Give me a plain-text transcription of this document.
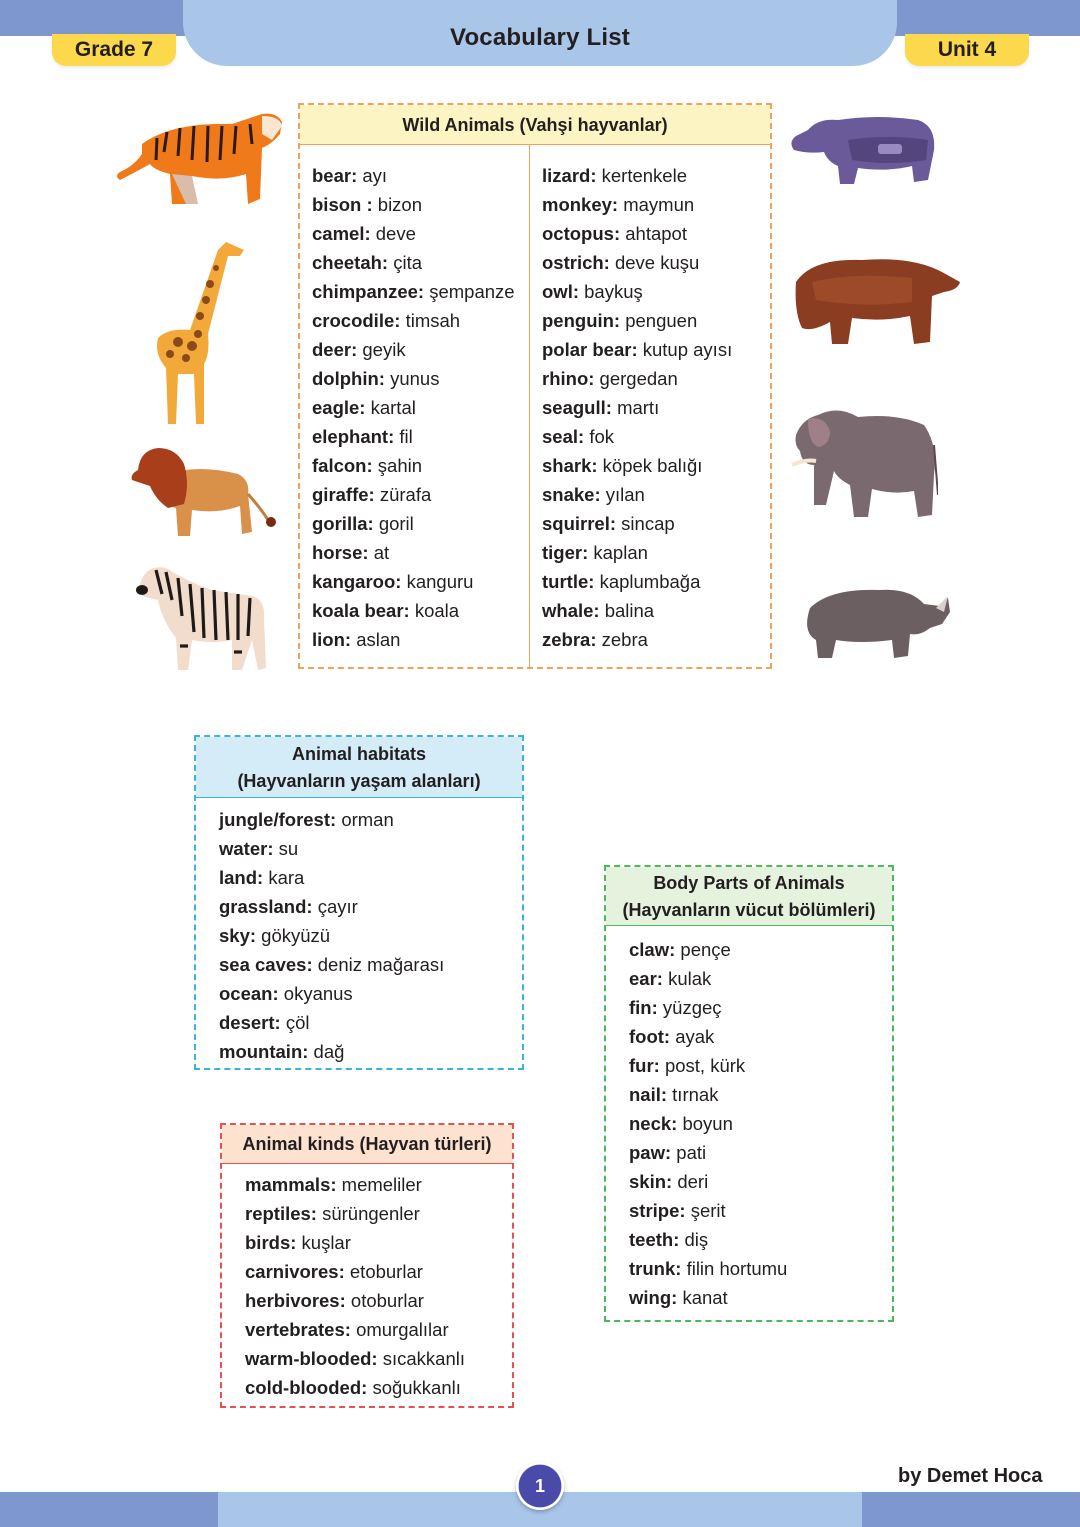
Vocabulary List
Grade 7	Unit 4
Wild Animals (Vahşi hayvanlar)
bear: ayı
bison : bizon
camel: deve
cheetah: çita
chimpanzee: şempanze
crocodile: timsah
deer: geyik
dolphin: yunus
eagle: kartal
elephant: fil
falcon: şahin
giraffe: zürafa
gorilla: goril
horse: at
kangaroo: kanguru
koala bear: koala
lion: aslan
lizard: kertenkele
monkey: maymun
octopus: ahtapot
ostrich: deve kuşu
owl: baykuş
penguin: penguen
polar bear: kutup ayısı
rhino: gergedan
seagull: martı
seal: fok
shark: köpek balığı
snake: yılan
squirrel: sincap
tiger: kaplan
turtle: kaplumbağa
whale: balina
zebra: zebra
Animal habitats
(Hayvanların yaşam alanları)
jungle/forest: orman
water: su
land: kara
grassland: çayır
sky: gökyüzü
sea caves: deniz mağarası
ocean: okyanus
desert: çöl
mountain: dağ
Animal kinds (Hayvan türleri)
mammals: memeliler
reptiles: sürüngenler
birds: kuşlar
carnivores: etoburlar
herbivores: otoburlar
vertebrates: omurgalılar
warm-blooded: sıcakkanlı
cold-blooded: soğukkanlı
Body Parts of Animals
(Hayvanların vücut bölümleri)
claw: pençe
ear: kulak
fin: yüzgeç
foot: ayak
fur: post, kürk
nail: tırnak
neck: boyun
paw: pati
skin: deri
stripe: şerit
teeth: diş
trunk: filin hortumu
wing: kanat
1	by Demet Hoca
